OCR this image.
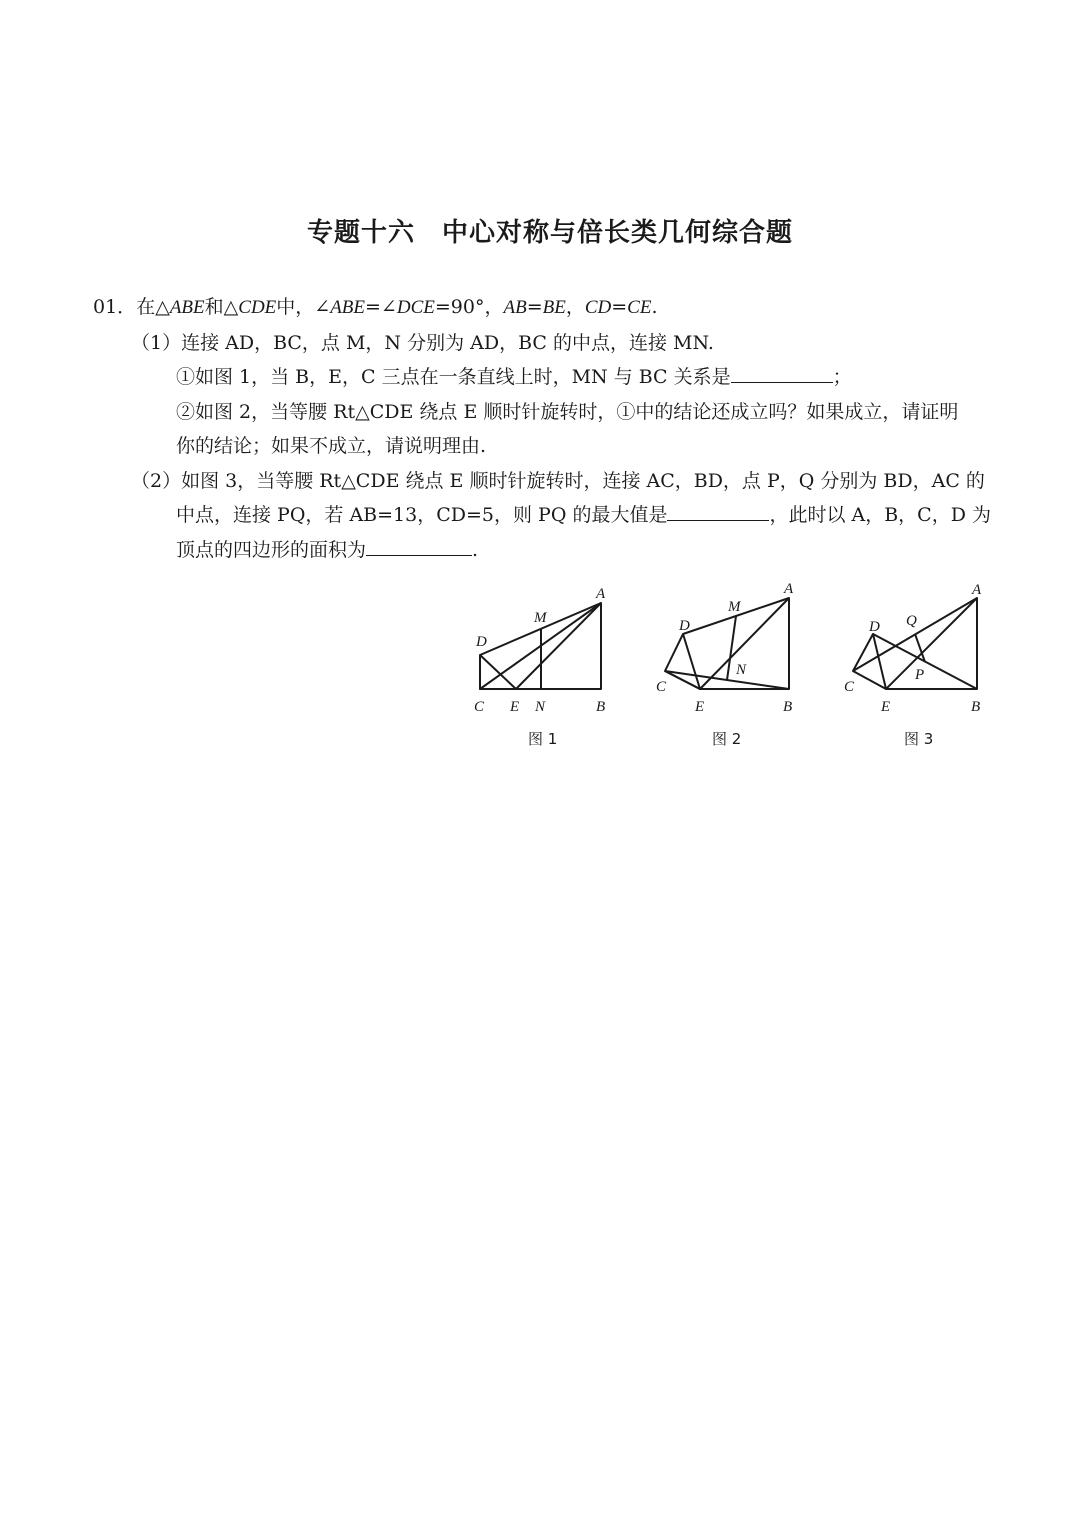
专题十六　中心对称与倍长类几何综合题
01．在△ABE和△CDE中，∠ABE=∠DCE=90°，AB=BE，CD=CE.
（1）连接 AD，BC，点 M，N 分别为 AD，BC 的中点，连接 MN.
①如图 1，当 B，E，C 三点在一条直线上时，MN 与 BC 关系是	；
②如图 2，当等腰 Rt△CDE 绕点 E 顺时针旋转时，①中的结论还成立吗？如果成立，请证明
你的结论；如果不成立，请说明理由.
（2）如图 3，当等腰 Rt△CDE 绕点 E 顺时针旋转时，连接 AC，BD，点 P，Q 分别为 BD，AC 的
中点，连接 PQ，若 AB=13，CD=5，则 PQ 的最大值是	，此时以 A，B，C，D 为
顶点的四边形的面积为	.
A
M
D
C E N	B
图 1
A
M
D
N
C
E	B
图 2
A
Q
D
P
C
E	B
图 3
